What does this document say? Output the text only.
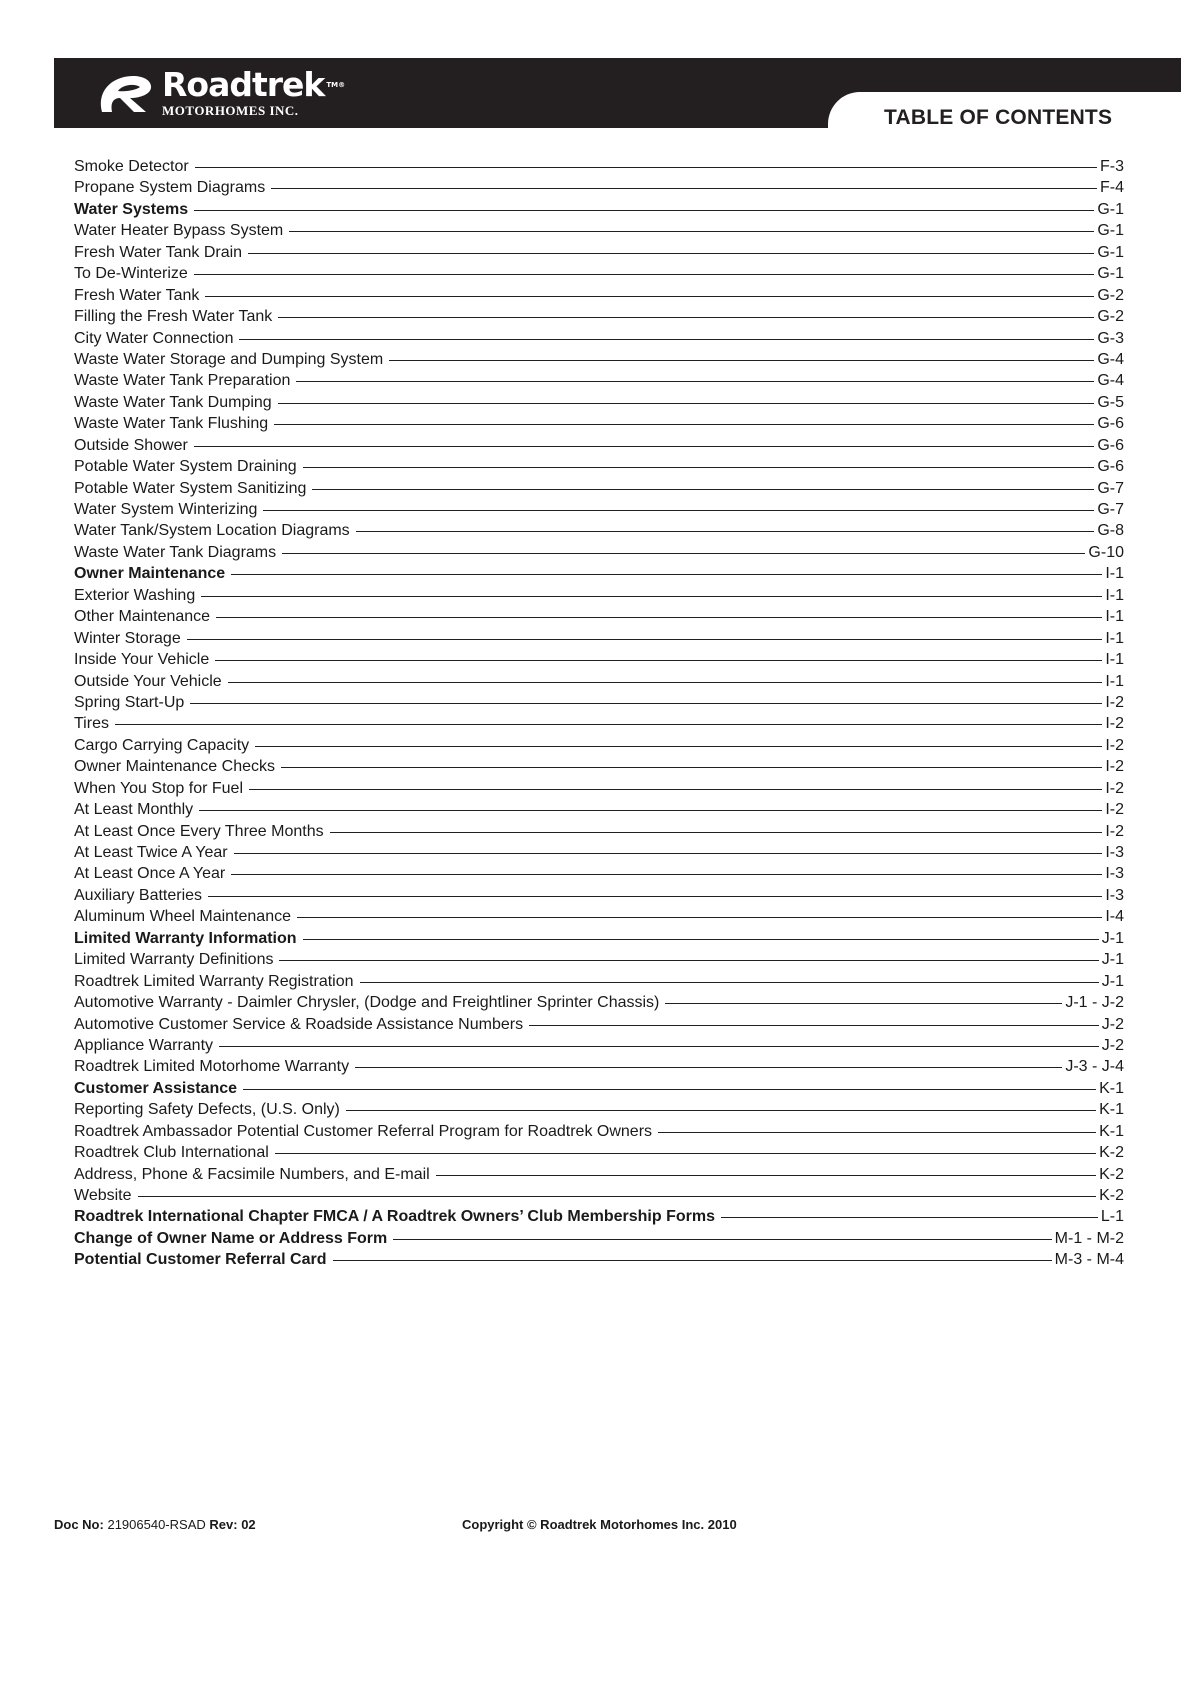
Roadtrek $^{TM®}$
MOTORHOMES INC.	TABLE OF CONTENTS
Smoke Detector	F-3
Propane System Diagrams	F-4
Water Systems	G-1
Water Heater Bypass System	G-1
Fresh Water Tank Drain	G-1
To De-Winterize	G-1
Fresh Water Tank	G-2
Filling the Fresh Water Tank	G-2
City Water Connection	G-3
Waste Water Storage and Dumping System	G-4
Waste Water Tank Preparation	G-4
Waste Water Tank Dumping	G-5
Waste Water Tank Flushing	G-6
Outside Shower	G-6
Potable Water System Draining	G-6
Potable Water System Sanitizing	G-7
Water System Winterizing	G-7
Water Tank/System Location Diagrams	G-8
Waste Water Tank Diagrams	G-10
Owner Maintenance	I-1
Exterior Washing	I-1
Other Maintenance	I-1
Winter Storage	I-1
Inside Your Vehicle	I-1
Outside Your Vehicle	I-1
Spring Start-Up	I-2
Tires	I-2
Cargo Carrying Capacity	I-2
Owner Maintenance Checks	I-2
When You Stop for Fuel	I-2
At Least Monthly	I-2
At Least Once Every Three Months	I-2
At Least Twice A Year	I-3
At Least Once A Year	I-3
Auxiliary Batteries	I-3
Aluminum Wheel Maintenance	I-4
Limited Warranty Information	J-1
Limited Warranty Definitions	J-1
Roadtrek Limited Warranty Registration	J-1
Automotive Warranty - Daimler Chrysler, (Dodge and Freightliner Sprinter Chassis)	J-1 - J-2
Automotive Customer Service & Roadside Assistance Numbers	J-2
Appliance Warranty	J-2
Roadtrek Limited Motorhome Warranty	J-3 - J-4
Customer Assistance	K-1
Reporting Safety Defects, (U.S. Only)	K-1
Roadtrek Ambassador Potential Customer Referral Program for Roadtrek Owners	K-1
Roadtrek Club International	K-2
Address, Phone & Facsimile Numbers, and E-mail	K-2
Website	K-2
Roadtrek International Chapter FMCA / A Roadtrek Owners’ Club Membership Forms	L-1
Change of Owner Name or Address Form	M-1 - M-2
Potential Customer Referral Card	M-3 - M-4
Doc No: 21906540-RSAD Rev: 02	Copyright © Roadtrek Motorhomes Inc. 2010
